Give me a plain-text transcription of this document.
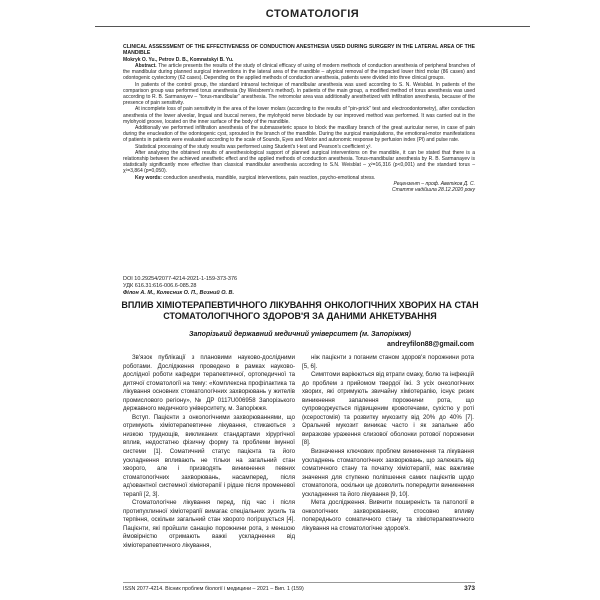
СТОМАТОЛОГІЯ

CLINICAL ASSESSMENT OF THE EFFECTIVENESS OF CONDUCTION ANESTHESIA USED DURING SURGERY IN THE LATERAL AREA OF THE MANDIBLE

Mokryk O. Yu., Petrov D. B., Komnatskyi B. Yu.

Abstract. The article presents the results of the study of clinical efficacy of using of modern methods of conduction anesthesia of peripheral branches of the mandibular during planned surgical interventions in the lateral area of the mandible – atypical removal of the impacted lower third molar (86 cases) and odontogenic cystectomy (62 cases). Depending on the applied methods of conduction anesthesia, patients were divided into three clinical groups.

In patients of the control group, the standard intraoral technique of mandibular anesthesia was used according to S. N. Weisblat. In patients of the comparison group was performed torus anesthesia (by Weisbrem's method). In patients of the main group, a modified method of torus anesthesia was used according to R. B. Sarmanayev – "torus-mandibular" anesthesia. The retromolar area was additionally anesthetized with infiltration anesthesia, because of the presence of pain sensitivity.

At incomplete loss of pain sensitivity in the area of the lower molars (according to the results of "pin-prick" test and electroodontometry), after conduction anesthesia of the lower alveolar, lingual and buccal nerves, the mylohyoid nerve blockade by our improved method was performed. It was carried out in the mylohyoid groove, located on the inner surface of the body of the mandible.

Additionally we performed infiltration anesthesia of the submasseteric space to block the maxillary branch of the great auricular nerve, in case of pain during the enucleation of the odontogenic cyst, sprouted in the branch of the mandible. During the surgical manipulations, the emotional-motor manifestations of patients in patients were evaluated according to the scale of Sounds, Eyes and Motor and autonomic response by perfusion index (PI) and pulse rate.

Statistical processing of the study results was performed using Student's t-test and Pearson's coefficient χ².

After analyzing the obtained results of anesthesiological support of planned surgical interventions on the mandible, it can be stated that there is a relationship between the achieved anesthetic effect and the applied methods of conduction anesthesia. Torus-mandibular anesthesia by R. B. Sarmanayev is statistically significantly more effective than classical mandibular anesthesia according to S.N. Weisblat – χ²=16,316 (p<0,001) and the standard torus – χ²=3,864 (p=0,050).

Key words: conduction anesthesia, mandible, surgical interventions, pain reaction, psycho-emotional stress.

Рецензент – проф. Аветіков Д. С.

Стаття надійшла 28.12.2020 року

DOI 10.29254/2077-4214-2021-1-159-373-376
УДК 616.31:616-006.6-085.28
Філон А. М., Колесник О. П., Возний О. В.
ВПЛИВ ХІМІОТЕРАПЕВТИЧНОГО ЛІКУВАННЯ ОНКОЛОГІЧНИХ ХВОРИХ НА СТАН СТОМАТОЛОГІЧНОГО ЗДОРОВ'Я ЗА ДАНИМИ АНКЕТУВАННЯ
Запорізький державний медичний університет (м. Запоріжжя)
andreyfilon88@gmail.com

Зв'язок публікації з плановими науково-дослідними роботами. Дослідження проведено в рамках науково-дослідної роботи кафедри терапевтичної, ортопедичної та дитячої стоматології на тему: «Комплексна профілактика та лікування основних стоматологічних захворювань у жителів промислового регіону», № ДР 0117U006958 Запорізького державного медичного університету, м. Запоріжжя.

Вступ. Пацієнти з онкологічними захворюваннями, що отримують хіміотерапевтичне лікування, стикаються з низкою труднощів, викликаних стандартами хірургічної вплив, недостатню фізичну форму та проблеми імунної системи [1]. Соматичний статус пацієнта та його ускладнення впливають не тільки на загальний стан хворого, але і призводять виникнення певних стоматологічних захворювань, насамперед, після ад'ювантної системної хіміотерапії і рідше після променевої терапії [2, 3].

Стоматологічне лікування перед, під час і після протипухлинної хіміотерапії вимагає спеціальних зусиль та терпіння, оскільки загальний стан хворого погіршується [4]. Пацієнти, які пройшли санацію порожнини рота, з меншою ймовірністю отримають важкі ускладнення від хіміотерапевтичного лікування,

ніж пацієнти з поганим станом здоров'я порожнини рота [5, 6].

Симптоми варіюються від втрати смаку, болю та інфекцій до проблем з прийомом твердої їжі. З усіх онкологічних хворих, які отримують звичайну хіміотерапію, існує ризик виникнення запалення порожнини рота, що супроводжується підвищеним кровотечами, сухістю у роті (ксеростомія) та розвитку мукозиту від 20% до 40% [7]. Оральний мукозит виникає часто і як запальне або виразкове ураження слизової оболонки ротової порожнини [8].

Визначення ключових проблем виникнення та лікування ускладнень стоматологічних захворювань, що залежать від соматичного стану та початку хіміотерапії, має важливе значення для ступеню поліпшення самих пацієнтів щодо стоматолога, оскільки це дозволить попередити виникнення ускладнення та його лікування [9, 10].

Мета дослідження. Вивчити поширеність та патології в онкологічних захворюваннях, стосовно впливу попереднього соматичного стану та хіміотерапевтичного лікування на стоматологічне здоров'я.

ISSN 2077-4214. Вісник проблем біології і медицини – 2021 – Вип. 1 (159)	373
